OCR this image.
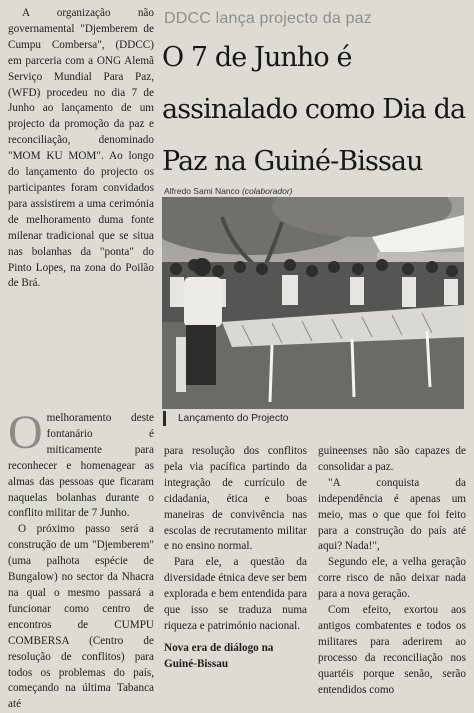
A organização não governamental "Djemberem de Cumpu Combersa", (DDCC) em parceria com a ONG Alemã Serviço Mundial Para Paz, (WFD) procedeu no dia 7 de Junho ao lançamento de um projecto da promoção da paz e reconciliação, denominado "MOM KU MOM". Ao longo do lançamento do projecto os participantes foram convidados para assistirem a uma cerimónia de melhoramento duma fonte milenar tradicional que se situa nas bolanhas da "ponta" do Pinto Lopes, na zona do Poilão de Brá.

DDCC lança projecto da paz
O 7 de Junho é assinalado como Dia da Paz na Guiné-Bissau
Alfredo Sami Nanco (colaborador)
Lançamento do Projecto

Omelhoramento deste fontanário é miticamente para reconhecer e homenagear as almas das pessoas que ficaram naquelas bolanhas durante o conflito militar de 7 Junho.

O próximo passo será a construção de um "Djemberem" (uma palhota espécie de Bungalow) no sector da Nhacra na qual o mesmo passará a funcionar como centro de encontros de CUMPU COMBERSA (Centro de resolução de conflitos) para todos os problemas do país, começando na última Tabanca até

para resolução dos conflitos pela via pacífica partindo da integração de currículo de cidadania, ética e boas maneiras de convivência nas escolas de recrutamento militar e no ensino normal.

Para ele, a questão da diversidade étnica deve ser bem explorada e bem entendida para que isso se traduza numa riqueza e património nacional.

Nova era de diálogo na Guiné-Bissau

guineenses não são capazes de consolidar a paz.

"A conquista da independência é apenas um meio, mas o que que foi feito para a construção do país até aqui? Nada!",

Segundo ele, a velha geração corre risco de não deixar nada para a nova geração.

Com efeito, exortou aos antigos combatentes e todos os militares para aderirem ao processo da reconciliação nos quartéis porque senão, serão entendidos como
